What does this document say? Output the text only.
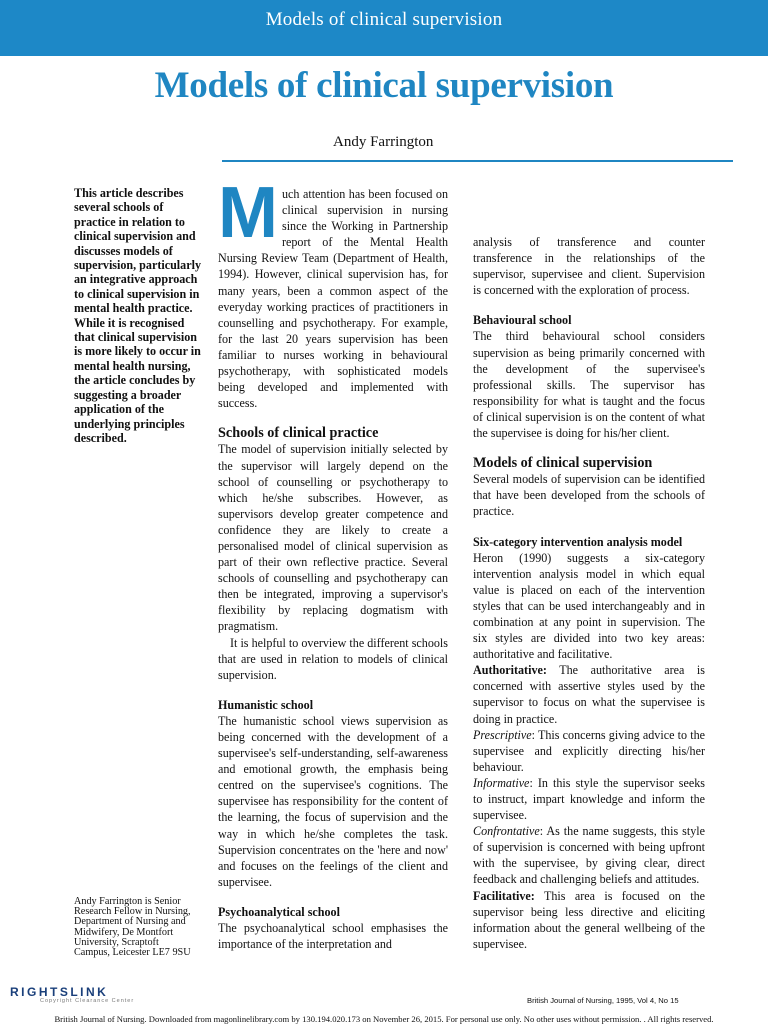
Models of clinical supervision
Models of clinical supervision
Andy Farrington
This article describes several schools of practice in relation to clinical supervision and discusses models of supervision, particularly an integrative approach to clinical supervision in mental health practice. While it is recognised that clinical supervision is more likely to occur in mental health nursing, the article concludes by suggesting a broader application of the underlying principles described.
M uch attention has been focused on clinical supervision in nursing since the Working in Partnership report of the Mental Health Nursing Review Team (Department of Health, 1994). However, clinical supervision has, for many years, been a common aspect of the everyday working practices of practitioners in counselling and psychotherapy. For example, for the last 20 years supervision has been familiar to nurses working in behavioural psychotherapy, with sophisticated models being developed and implemented with success.

Schools of clinical practice

The model of supervision initially selected by the supervisor will largely depend on the school of counselling or psychotherapy to which he/she subscribes. However, as supervisors develop greater competence and confidence they are likely to create a personalised model of clinical supervision as part of their own reflective practice. Several schools of counselling and psychotherapy can then be integrated, improving a supervisor's flexibility by replacing dogmatism with pragmatism.

It is helpful to overview the different schools that are used in relation to models of clinical supervision.

Humanistic school

The humanistic school views supervision as being concerned with the development of a supervisee's self-understanding, self-awareness and emotional growth, the emphasis being centred on the supervisee's cognitions. The supervisee has responsibility for the content of the learning, the focus of supervision and the way in which he/she completes the task. Supervision concentrates on the 'here and now' and focuses on the feelings of the client and supervisee.

Psychoanalytical school

The psychoanalytical school emphasises the importance of the interpretation and

analysis of transference and counter transference in the relationships of the supervisor, supervisee and client. Supervision is concerned with the exploration of process.

Behavioural school

The third behavioural school considers supervision as being primarily concerned with the development of the supervisee's professional skills. The supervisor has responsibility for what is taught and the focus of clinical supervision is on the content of what the supervisee is doing for his/her client.

Models of clinical supervision

Several models of supervision can be identified that have been developed from the schools of practice.

Six-category intervention analysis model

Heron (1990) suggests a six-category intervention analysis model in which equal value is placed on each of the intervention styles that can be used interchangeably and in combination at any point in supervision. The six styles are divided into two key areas: authoritative and facilitative.

Authoritative: The authoritative area is concerned with assertive styles used by the supervisor to focus on what the supervisee is doing in practice.

Prescriptive: This concerns giving advice to the supervisee and explicitly directing his/her behaviour.

Informative: In this style the supervisor seeks to instruct, impart knowledge and inform the supervisee.

Confrontative: As the name suggests, this style of supervision is concerned with being upfront with the supervisee, by giving clear, direct feedback and challenging beliefs and attitudes.

Facilitative: This area is focused on the supervisor being less directive and eliciting information about the general wellbeing of the supervisee.

Andy Farrington is Senior Research Fellow in Nursing, Department of Nursing and Midwifery, De Montfort University, Scraptoft Campus, Leicester LE7 9SU
RIGHTSLINK
Copyright Clearance Center	British Journal of Nursing, 1995, Vol 4, No 15
British Journal of Nursing. Downloaded from magonlinelibrary.com by 130.194.020.173 on November 26, 2015. For personal use only. No other uses without permission. . All rights reserved.
